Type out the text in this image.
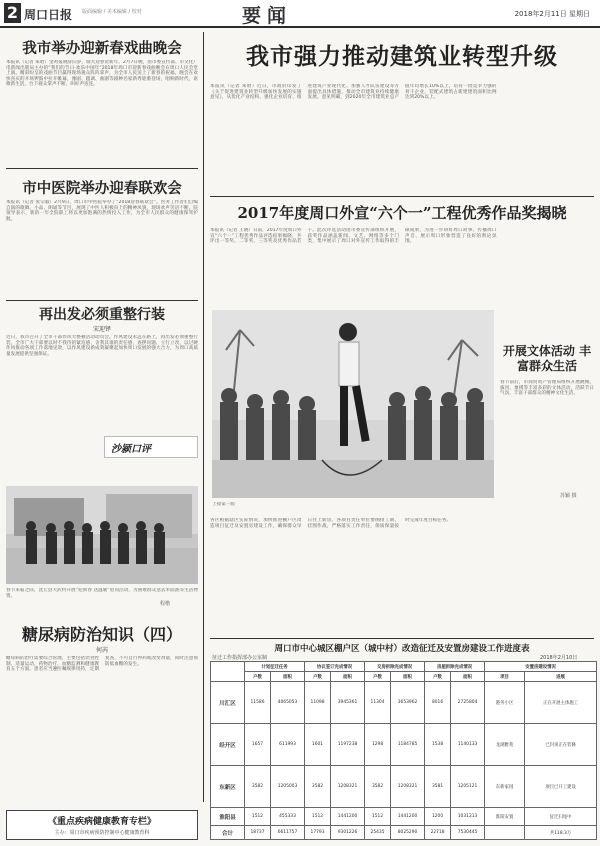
2 周口日报 版面编辑 / 美术编辑 / 校对	要闻	2018年2月11日 星期日
我市举办迎新春戏曲晚会
本报讯（记者 朱晗）金鸡报晓辞旧岁，瑞犬迎春贺新年。2月7日晚，由市委宣传部、市文化广电新闻出版局主办的“我们的节日·欢乐中国年”2018年周口市迎新春戏曲晚会在周口人民会堂上演。精彩纷呈的戏曲节目赢得现场观众阵阵掌声，为全市人民送上了新春的祝福。晚会在欢快喜庆的开场锣鼓中拉开帷幕，豫剧、越调、曲剧等剧种名家新秀轮番登场，唱响新时代，讴歌新生活，台下观众掌声不断、叫好声连连。
市中医院举办迎春联欢会
本报讯（记者 张宗毅）2月9日，周口市中医院举办了“2018迎春联欢会”。医务工作者们自编自演的歌舞、小品、朗诵等节目，展现了中医人积极向上的精神风貌，现场欢声笑语不断。院领导表示，新的一年全院职工将以更加饱满的热情投入工作，为全市人民群众的健康保驾护航。
再出发必须重整行装
宋迎铎
近日，我市召开了全市干部作风大整顿活动动员会。作风建设永远在路上，再出发必须重整行装。全市广大干部要以时不我待的紧迫感、舍我其谁的责任感，查摆问题、立行立改，以过硬作风推动各项工作落地见效，以作风建设新成效凝聚起加快周口发展的强大合力，为周口高质量发展提供坚强保证。
沙颍口评
春节来临之际，沈丘县大武村开展“迎新春 送温暖”慰问活动，为困难群众送去米面油等生活物资。
程楷
糖尿病防治知识（四）
何芮
糖尿病的治疗需要综合管理，主要包括饮食控制、适量运动、药物治疗、血糖监测和健康教育五个方面。患者应当遵医嘱规律用药，定期复查，不可自行停药或改变剂量，同时注意预防低血糖的发生。
《重点疾病健康教育专栏》
主办：周口市疾病预防控制中心健康教育科
我市强力推动建筑业转型升级
本报讯（记者 朱晗）近日，市政府印发了《关于促进建筑业转型升级加快发展的实施意见》，从优化产业结构、强化企业培育、推进建筑产业现代化、加强人才队伍建设等方面提出具体措施，推动全市建筑业持续健康发展。意见明确，到2020年全市建筑业总产值年均增长10%以上，培育一批竞争力强的骨干企业，装配式建筑占新建建筑面积比例达到20%以上。
2017年度周口外宣“六个一”工程优秀作品奖揭晓
本报讯（记者 王晓）日前，2017年度周口外宣“六个一”工程优秀作品评选结果揭晓，共评出一等奖、二等奖、三等奖及优秀作品若干。此次评选活动由市委宣传部组织开展，获奖作品涵盖新闻、文艺、网络等多个门类，集中展示了周口对外宣传工作取得的丰硕成果，为进一步讲好周口故事、传播周口声音、展示周口形象营造了良好的舆论氛围。
上接第一版
开展文体活动 丰富群众生活
春节前后，市商贸资产管理局组织开展跳绳、拔河、象棋等丰富多彩的文体活动，活跃节日气氛，丰富干部群众的精神文化生活。
苏颖 摄
各区根据辖区实际情况，加快推进棚户区改造项目征迁及安置房建设工作，确保群众早日住上新房。各项目责任单位要倒排工期、挂图作战，严格落实工作责任，保质保量按时完成年度目标任务。
周口市中心城区棚户区（城中村）改造征迁及安置房建设工作进度表
征迁工作指挥部办公室制	2018年2月10日
	计划征迁任务		协议签订完成情况		交房拆除完成情况		房屋拆除完成情况		安置房建设情况	
	户数	面积	户数	面积	户数	面积	户数	面积	项目	进展
川汇区	11586	4065053	11098	3945361	11304	3653962	8016	2725804	港务小区	正在开展主体施工
经开区	1657	611993	1601	1197238	1298	1184785	1538	1140133	龙湖雅苑	已封顶正在装修
东新区	3582	1205003	3582	1208321	3582	1208321	3581	1205121	东新家园	项目已开工建设
淮阳县	1512	455333	1512	1441200	1512	1441200	1200	1031213	淮阳安置	征迁扫尾中
合计	18737	6611757	17793	9301226	25435	8025290	22718	7530445		共118.3万
